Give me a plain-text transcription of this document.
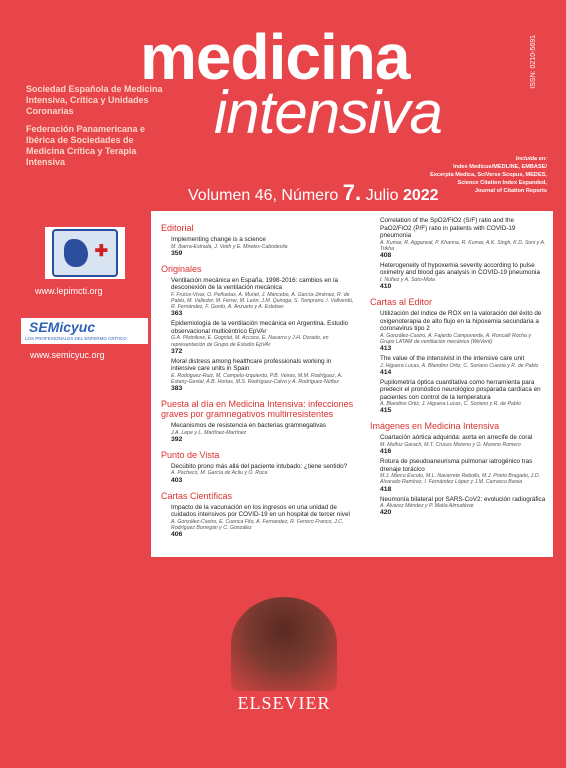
medicina
intensiva
ISSN: 0210-5691
Sociedad Española de Medicina Intensiva, Crítica y Unidades Coronarias
Federación Panamericana e Ibérica de Sociedades de Medicina Crítica y Terapia Intensiva	Incluida en:
Index Medicus/MEDLINE, EMBASE/
Excerpta Medica, SciVerse Scopus, MEDES,
Science Citation Index Expanded,
Journal of Citation Reports
Volumen 46, Número 7. Julio 2022
✚
www.lepimcti.org
SEMicyuc
LOS PROFESIONALES DEL ENFERMO CRÍTICO
www.semicyuc.org
Editorial
Implementing change is a science
M. Ibarra-Estrada, J. Veith y E. Mireles-Cabodevila
359
Originales
Ventilación mecánica en España, 1998-2016: cambios en la desconexión de la ventilación mecánica
F. Frutos-Vivar, O. Peñuelas, A. Muriel, J. Mancebo, A. García-Jiménez, R. de Pablo, M. Valledor, M. Ferrer, M. León, J.M. Quiroga, S. Temprano, I. Vallverdú, R. Fernández, F. Gordo, A. Anzueto y A. Esteban
363
Epidemiología de la ventilación mecánica en Argentina. Estudio observacional multicéntrico EpVAr
G.A. Plotnikow, E. Gogniat, M. Accoce, E. Navarro y J.H. Dorado, en representación de Grupo de Estudio EpVAr
372
Moral distress among healthcare professionals working in intensive care units in Spain
E. Rodriguez-Ruiz, M. Campelo-Izquierdo, P.B. Veiras, M.M. Rodríguez, A. Estany-Gestal, A.B. Hortas, M.S. Rodríguez-Calvo y A. Rodríguez-Núñez
383
Puesta al día en Medicina Intensiva: infecciones graves por gramnegativos multirresistentes
Mecanismos de resistencia en bacterias gramnegativas
J.A. Lepe y L. Martínez-Martínez
392
Punto de Vista
Decúbito prono más allá del paciente intubado: ¿tiene sentido?
A. Pacheco, M. García de Acilu y O. Roca
403
Cartas Científicas
Impacto de la vacunación en los ingresos en una unidad de cuidados intensivos por COVID-19 en un hospital de tercer nivel
A. González-Castro, E. Cuenca Fito, A. Fernandez, R. Ferrero Franco, J.C. Rodríguez Borregán y C. González
406
Correlation of the SpO2/FiO2 (S/F) ratio and the PaO2/FiO2 (P/F) ratio in patients with COVID-19 pneumonia
A. Kumar, R. Aggarwal, P. Khanna, R. Kumar, A.K. Singh, K.D. Soni y A. Trikha
408
Heterogeneity of hypoxemia severity according to pulse oximetry and blood gas analysis in COVID-19 pneumonia
I. Núñez y A. Soto-Mota
410
Cartas al Editor
Utilización del índice de ROX en la valoración del éxito de oxigenoterapia de alto flujo en la hipoxemia secundaria a coronavirus tipo 2
A. González-Castro, A. Fajardo Campoverde, A. Roncalli Rocha y Grupo LATAM de ventilación mecánica (WeVent)
413
The value of the intensivist in the intensive care unit
J. Higuera Lucas, A. Blandino Ortiz, C. Soriano Cuesta y R. de Pablo
414
Pupilometría óptica cuantitativa como herramienta para predecir el pronóstico neurológico posparada cardíaca en pacientes con control de la temperatura
A. Blandino Ortiz, J. Higuera Lucas, C. Soriano y R. de Pablo
415
Imágenes en Medicina Intensiva
Coartación aórtica adquirida: aorta en arrecife de coral
M. Muñoz Garach, M.T. Cruces Moreno y O. Moreno Romero
416
Rotura de pseudoaneurisma pulmonar iatrogénico tras drenaje torácico
M.J. Marco Escoto, M.L. Navarrete Rebollo, M.J. Prieto Bragado, J.D. Alvarado Ramírez, I. Fernández López y J.M. Carrasco Barea
418
Neumonía bilateral por SARS-CoV2: evolución radiográfica
A. Álvarez Méndez y P. Matía Almudévar
420
ELSEVIER
